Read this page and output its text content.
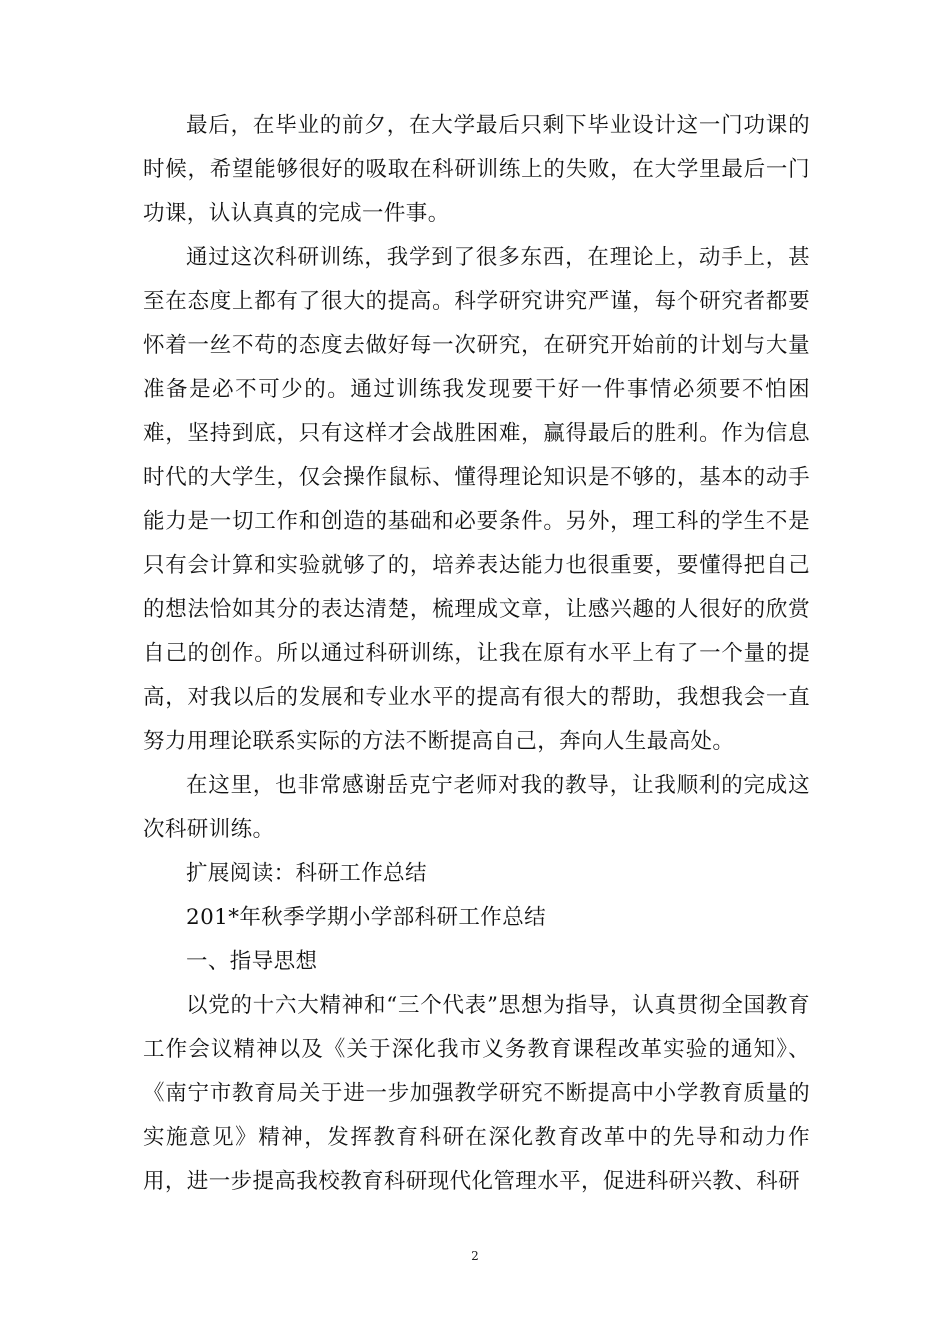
最后，在毕业的前夕，在大学最后只剩下毕业设计这一门功课的时候，希望能够很好的吸取在科研训练上的失败，在大学里最后一门功课，认认真真的完成一件事。

通过这次科研训练，我学到了很多东西，在理论上，动手上，甚至在态度上都有了很大的提高。科学研究讲究严谨，每个研究者都要怀着一丝不苟的态度去做好每一次研究，在研究开始前的计划与大量准备是必不可少的。通过训练我发现要干好一件事情必须要不怕困难，坚持到底，只有这样才会战胜困难，赢得最后的胜利。作为信息时代的大学生，仅会操作鼠标、懂得理论知识是不够的，基本的动手能力是一切工作和创造的基础和必要条件。另外，理工科的学生不是只有会计算和实验就够了的，培养表达能力也很重要，要懂得把自己的想法恰如其分的表达清楚，梳理成文章，让感兴趣的人很好的欣赏自己的创作。所以通过科研训练，让我在原有水平上有了一个量的提高，对我以后的发展和专业水平的提高有很大的帮助，我想我会一直努力用理论联系实际的方法不断提高自己，奔向人生最高处。

在这里，也非常感谢岳克宁老师对我的教导，让我顺利的完成这次科研训练。

扩展阅读：科研工作总结

201*年秋季学期小学部科研工作总结

一、指导思想

以党的十六大精神和“三个代表”思想为指导，认真贯彻全国教育工作会议精神以及《关于深化我市义务教育课程改革实验的通知》、《南宁市教育局关于进一步加强教学研究不断提高中小学教育质量的实施意见》精神，发挥教育科研在深化教育改革中的先导和动力作用，进一步提高我校教育科研现代化管理水平，促进科研兴教、科研

2
